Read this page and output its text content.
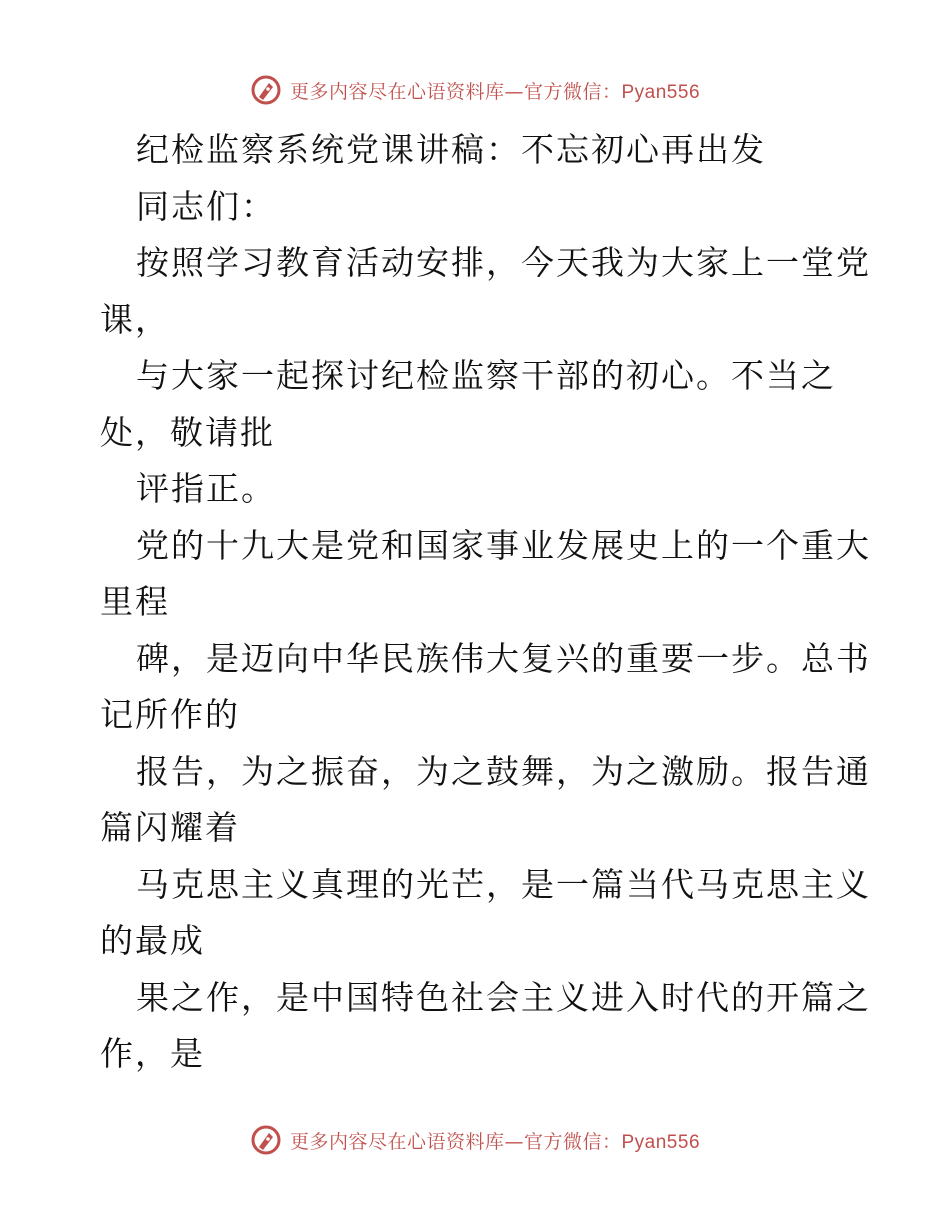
更多内容尽在心语资料库—官方微信：Pyan556
纪检监察系统党课讲稿：不忘初心再出发
同志们：
按照学习教育活动安排，今天我为大家上一堂党
课，
与大家一起探讨纪检监察干部的初心。不当之
处，敬请批
评指正。
党的十九大是党和国家事业发展史上的一个重大
里程
碑，是迈向中华民族伟大复兴的重要一步。总书
记所作的
报告，为之振奋，为之鼓舞，为之激励。报告通
篇闪耀着
马克思主义真理的光芒，是一篇当代马克思主义
的最成
果之作，是中国特色社会主义进入时代的开篇之
作，是
更多内容尽在心语资料库—官方微信：Pyan556
